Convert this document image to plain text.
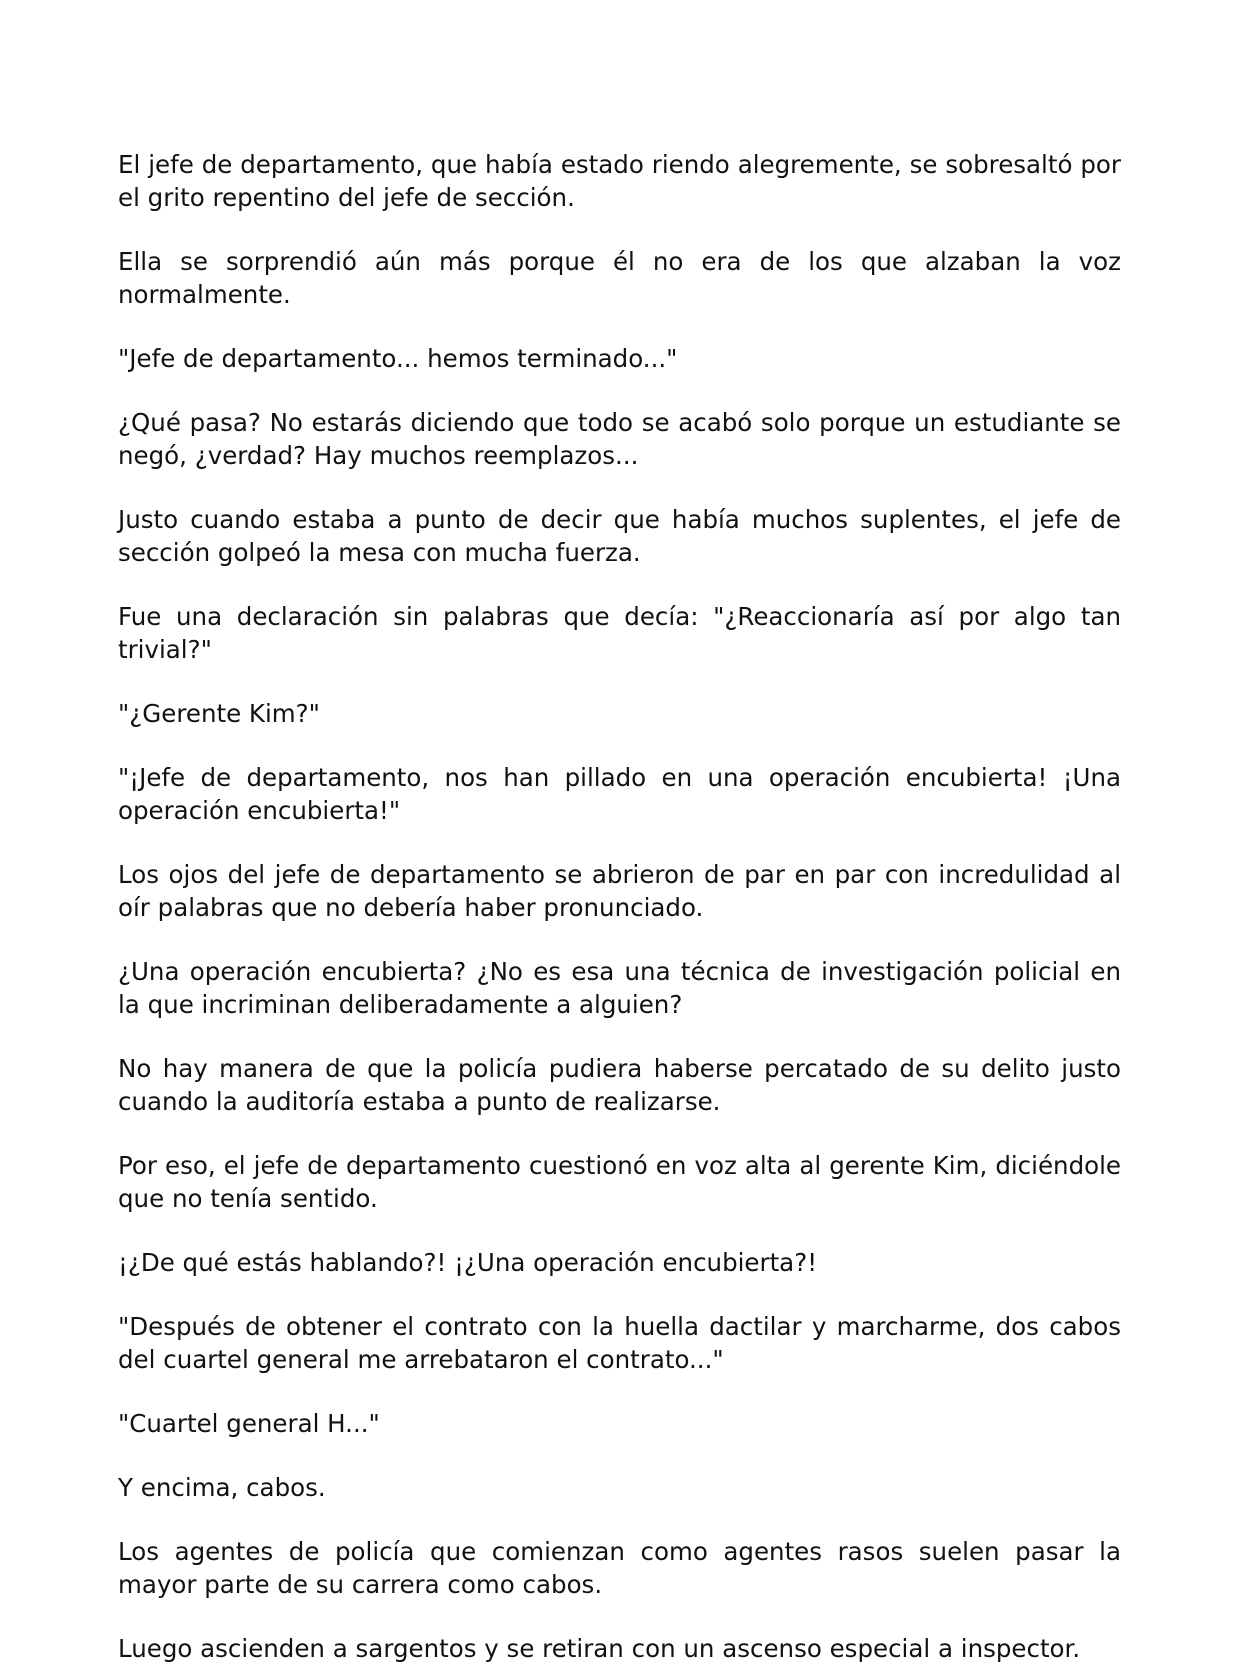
El jefe de departamento, que había estado riendo alegremente, se sobresaltó por el grito repentino del jefe de sección.

Ella se sorprendió aún más porque él no era de los que alzaban la voz normalmente.

"Jefe de departamento... hemos terminado..."

¿Qué pasa? No estarás diciendo que todo se acabó solo porque un estudiante se negó, ¿verdad? Hay muchos reemplazos...

Justo cuando estaba a punto de decir que había muchos suplentes, el jefe de sección golpeó la mesa con mucha fuerza.

Fue una declaración sin palabras que decía: "¿Reaccionaría así por algo tan trivial?"

"¿Gerente Kim?"

"¡Jefe de departamento, nos han pillado en una operación encubierta! ¡Una operación encubierta!"

Los ojos del jefe de departamento se abrieron de par en par con incredulidad al oír palabras que no debería haber pronunciado.

¿Una operación encubierta? ¿No es esa una técnica de investigación policial en la que incriminan deliberadamente a alguien?

No hay manera de que la policía pudiera haberse percatado de su delito justo cuando la auditoría estaba a punto de realizarse.

Por eso, el jefe de departamento cuestionó en voz alta al gerente Kim, diciéndole que no tenía sentido.

¡¿De qué estás hablando?! ¡¿Una operación encubierta?!

"Después de obtener el contrato con la huella dactilar y marcharme, dos cabos del cuartel general me arrebataron el contrato..."

"Cuartel general H..."

Y encima, cabos.

Los agentes de policía que comienzan como agentes rasos suelen pasar la mayor parte de su carrera como cabos.

Luego ascienden a sargentos y se retiran con un ascenso especial a inspector.
